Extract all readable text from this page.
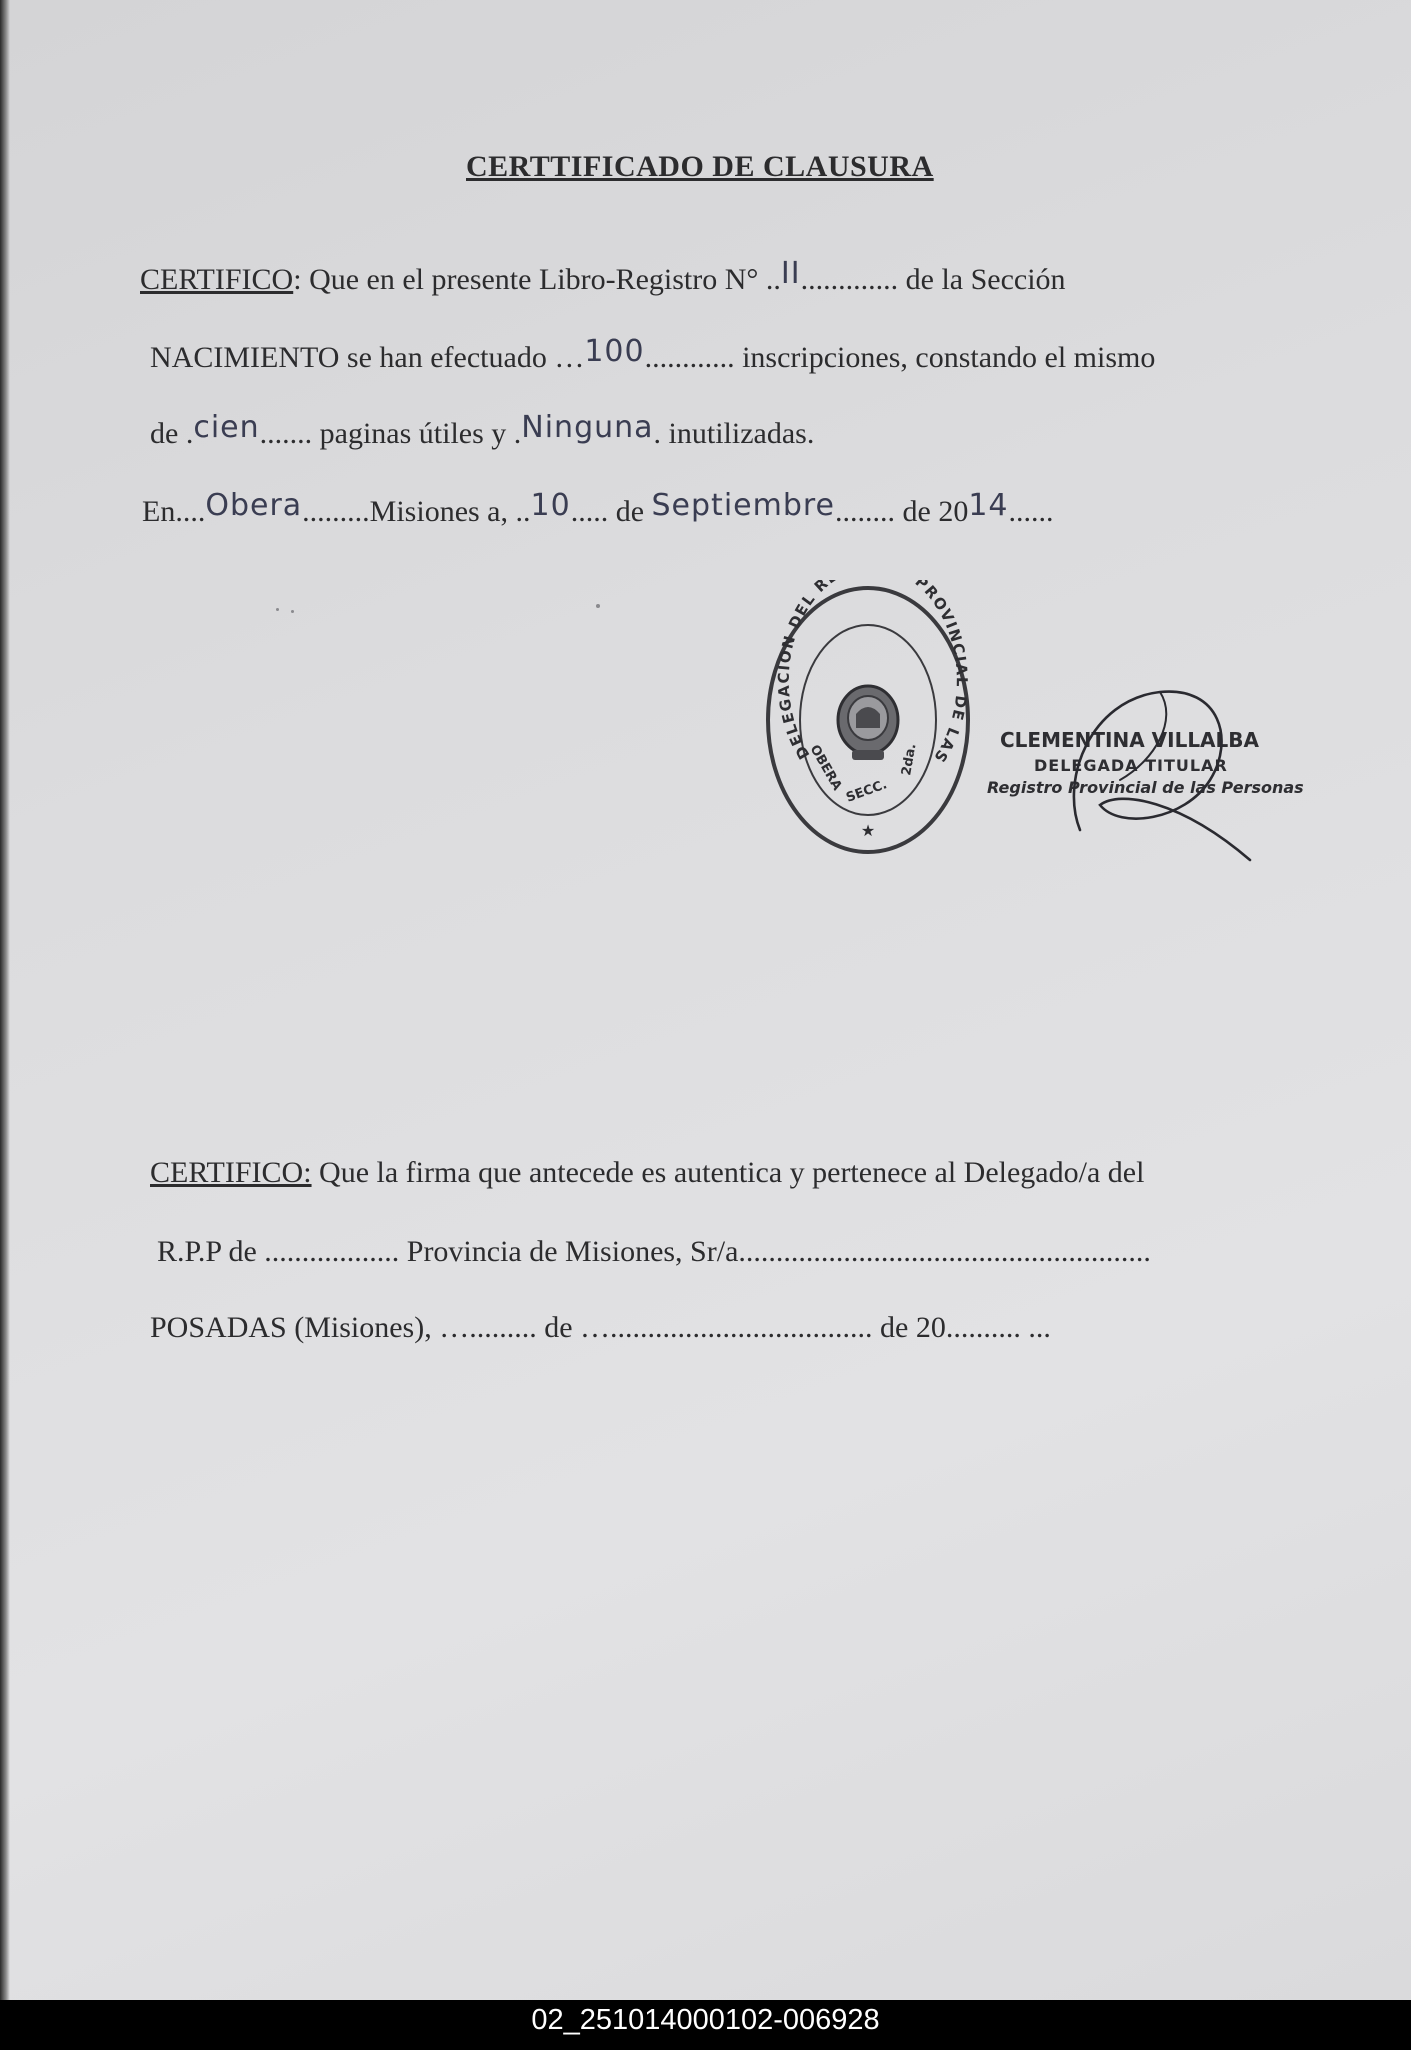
CERTTIFICADO DE CLAUSURA
CERTIFICO: Que en el presente Libro-Registro N° ..II............. de la Sección
NACIMIENTO se han efectuado …100............ inscripciones, constando el mismo
de .cien....... paginas útiles y .Ninguna. inutilizadas.
En....Obera.........Misiones a, ..10..... de Septiembre........ de 2014......
DELEGACION DEL R PROVINCIAL DE LAS
OBERA SECC.
2da.
★
CLEMENTINA VILLALBA
DELEGADA TITULAR
Registro Provincial de las Personas
CERTIFICO: Que la firma que antecede es autentica y pertenece al Delegado/a del
R.P.P de .................. Provincia de Misiones, Sr/a.......................................................
POSADAS (Misiones), …......... de …................................... de 20.......... ...
02_251014000102-006928
